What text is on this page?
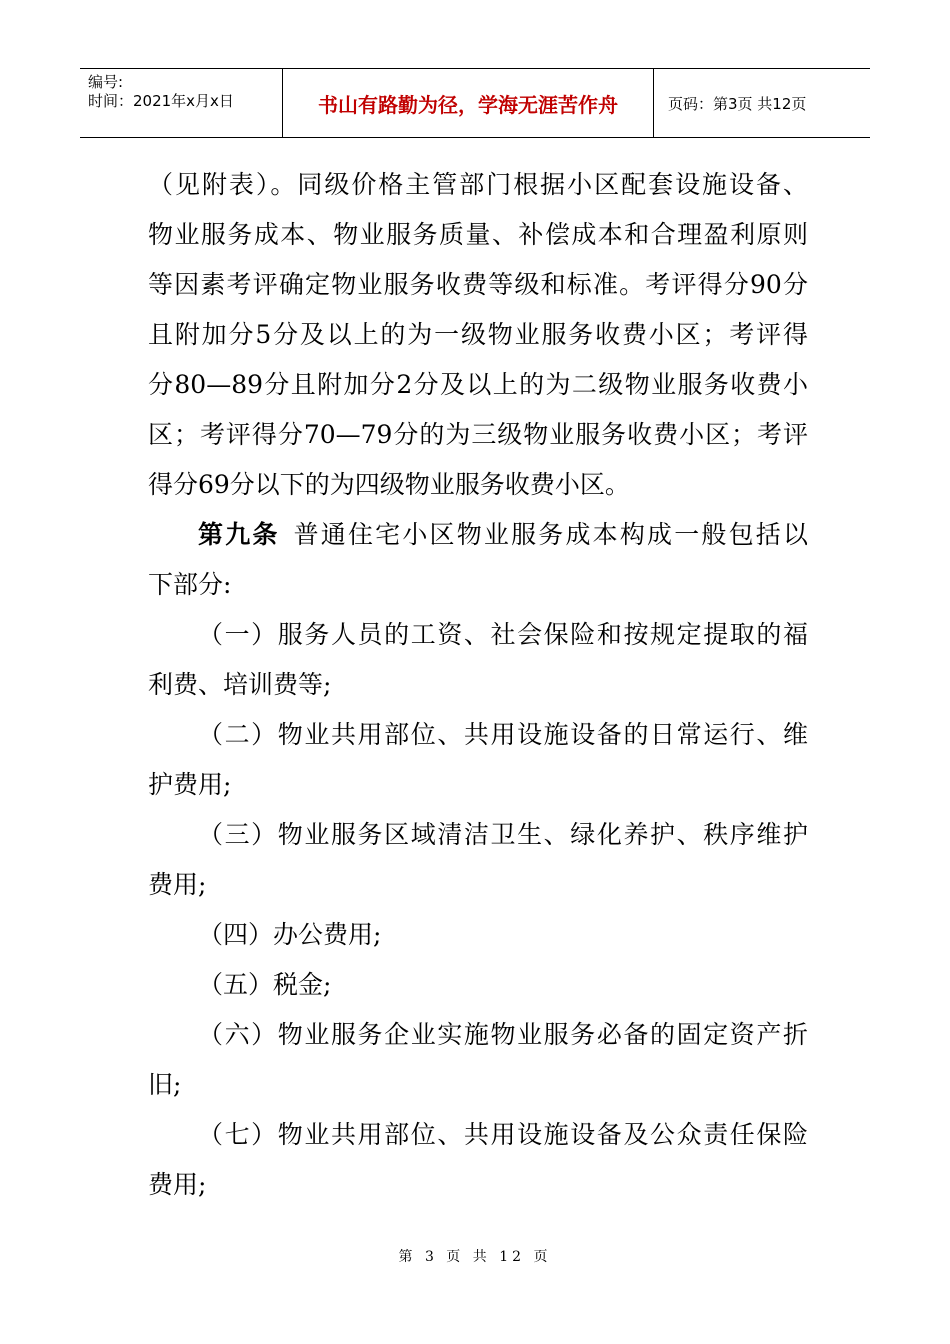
编号:
时间：2021年x月x日	书山有路勤为径，学海无涯苦作舟	页码：第3页 共12页
（见附表）。同级价格主管部门根据小区配套设施设备、
物业服务成本、物业服务质量、补偿成本和合理盈利原则
等因素考评确定物业服务收费等级和标准。考评得分90分
且附加分5分及以上的为一级物业服务收费小区；考评得
分80—89分且附加分2分及以上的为二级物业服务收费小
区；考评得分70—79分的为三级物业服务收费小区；考评
得分69分以下的为四级物业服务收费小区。
第九条 普通住宅小区物业服务成本构成一般包括以
下部分:
（一）服务人员的工资、社会保险和按规定提取的福
利费、培训费等;
（二）物业共用部位、共用设施设备的日常运行、维
护费用;
（三）物业服务区域清洁卫生、绿化养护、秩序维护
费用;
（四）办公费用;
（五）税金;
（六）物业服务企业实施物业服务必备的固定资产折
旧;
（七）物业共用部位、共用设施设备及公众责任保险
费用;
第 3 页 共 12 页
